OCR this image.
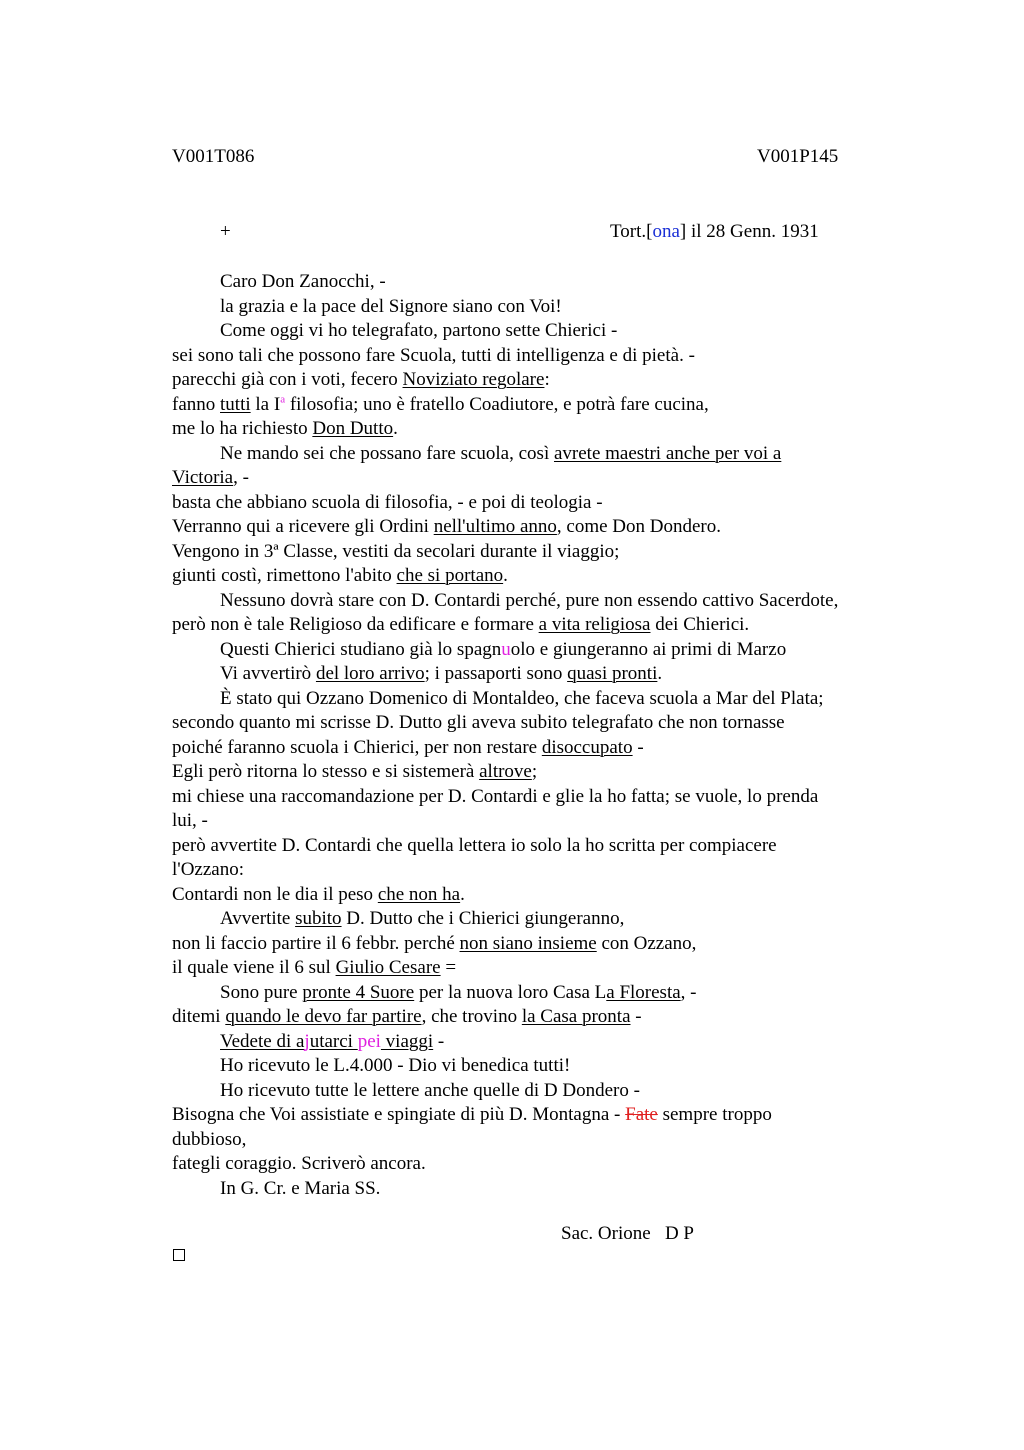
V001T086	V001P145
+	Tort.[ona] il 28 Genn. 1931
Caro Don Zanocchi, -
la grazia e la pace del Signore siano con Voi!
Come oggi vi ho telegrafato, partono sette Chierici -
sei sono tali che possono fare Scuola, tutti di intelligenza e di pietà. -
parecchi già con i voti, fecero Noviziato regolare:
fanno tutti la $I^a$ filosofia; uno è fratello Coadiutore, e potrà fare cucina,
me lo ha richiesto Don Dutto.
Ne mando sei che possano fare scuola, così avrete maestri anche per voi a
Victoria, -
basta che abbiano scuola di filosofia, - e poi di teologia -
Verranno qui a ricevere gli Ordini nell'ultimo anno, come Don Dondero.
Vengono in 3ª Classe, vestiti da secolari durante il viaggio;
giunti costì, rimettono l'abito che si portano.
Nessuno dovrà stare con D. Contardi perché, pure non essendo cattivo Sacerdote,
però non è tale Religioso da edificare e formare a vita religiosa dei Chierici.
Questi Chierici studiano già lo spagnuolo e giungeranno ai primi di Marzo
Vi avvertirò del loro arrivo; i passaporti sono quasi pronti.
È stato qui Ozzano Domenico di Montaldeo, che faceva scuola a Mar del Plata;
secondo quanto mi scrisse D. Dutto gli aveva subito telegrafato che non tornasse
poiché faranno scuola i Chierici, per non restare disoccupato -
Egli però ritorna lo stesso e si sistemerà altrove;
mi chiese una raccomandazione per D. Contardi e glie la ho fatta; se vuole, lo prenda
lui, -
però avvertite D. Contardi che quella lettera io solo la ho scritta per compiacere
l'Ozzano:
Contardi non le dia il peso che non ha.
Avvertite subito D. Dutto che i Chierici giungeranno,
non li faccio partire il 6 febbr. perché non siano insieme con Ozzano,
il quale viene il 6 sul Giulio Cesare =
Sono pure pronte 4 Suore per la nuova loro Casa La Floresta, -
ditemi quando le devo far partire, che trovino la Casa pronta -
Vedete di ajutarci pei viaggi -
Ho ricevuto le L.4.000 - Dio vi benedica tutti!
Ho ricevuto tutte le lettere anche quelle di D Dondero -
Bisogna che Voi assistiate e spingiate di più D. Montagna - Fate sempre troppo
dubbioso,
fategli coraggio. Scriverò ancora.
In G. Cr. e Maria SS.
Sac. Orione   D P
